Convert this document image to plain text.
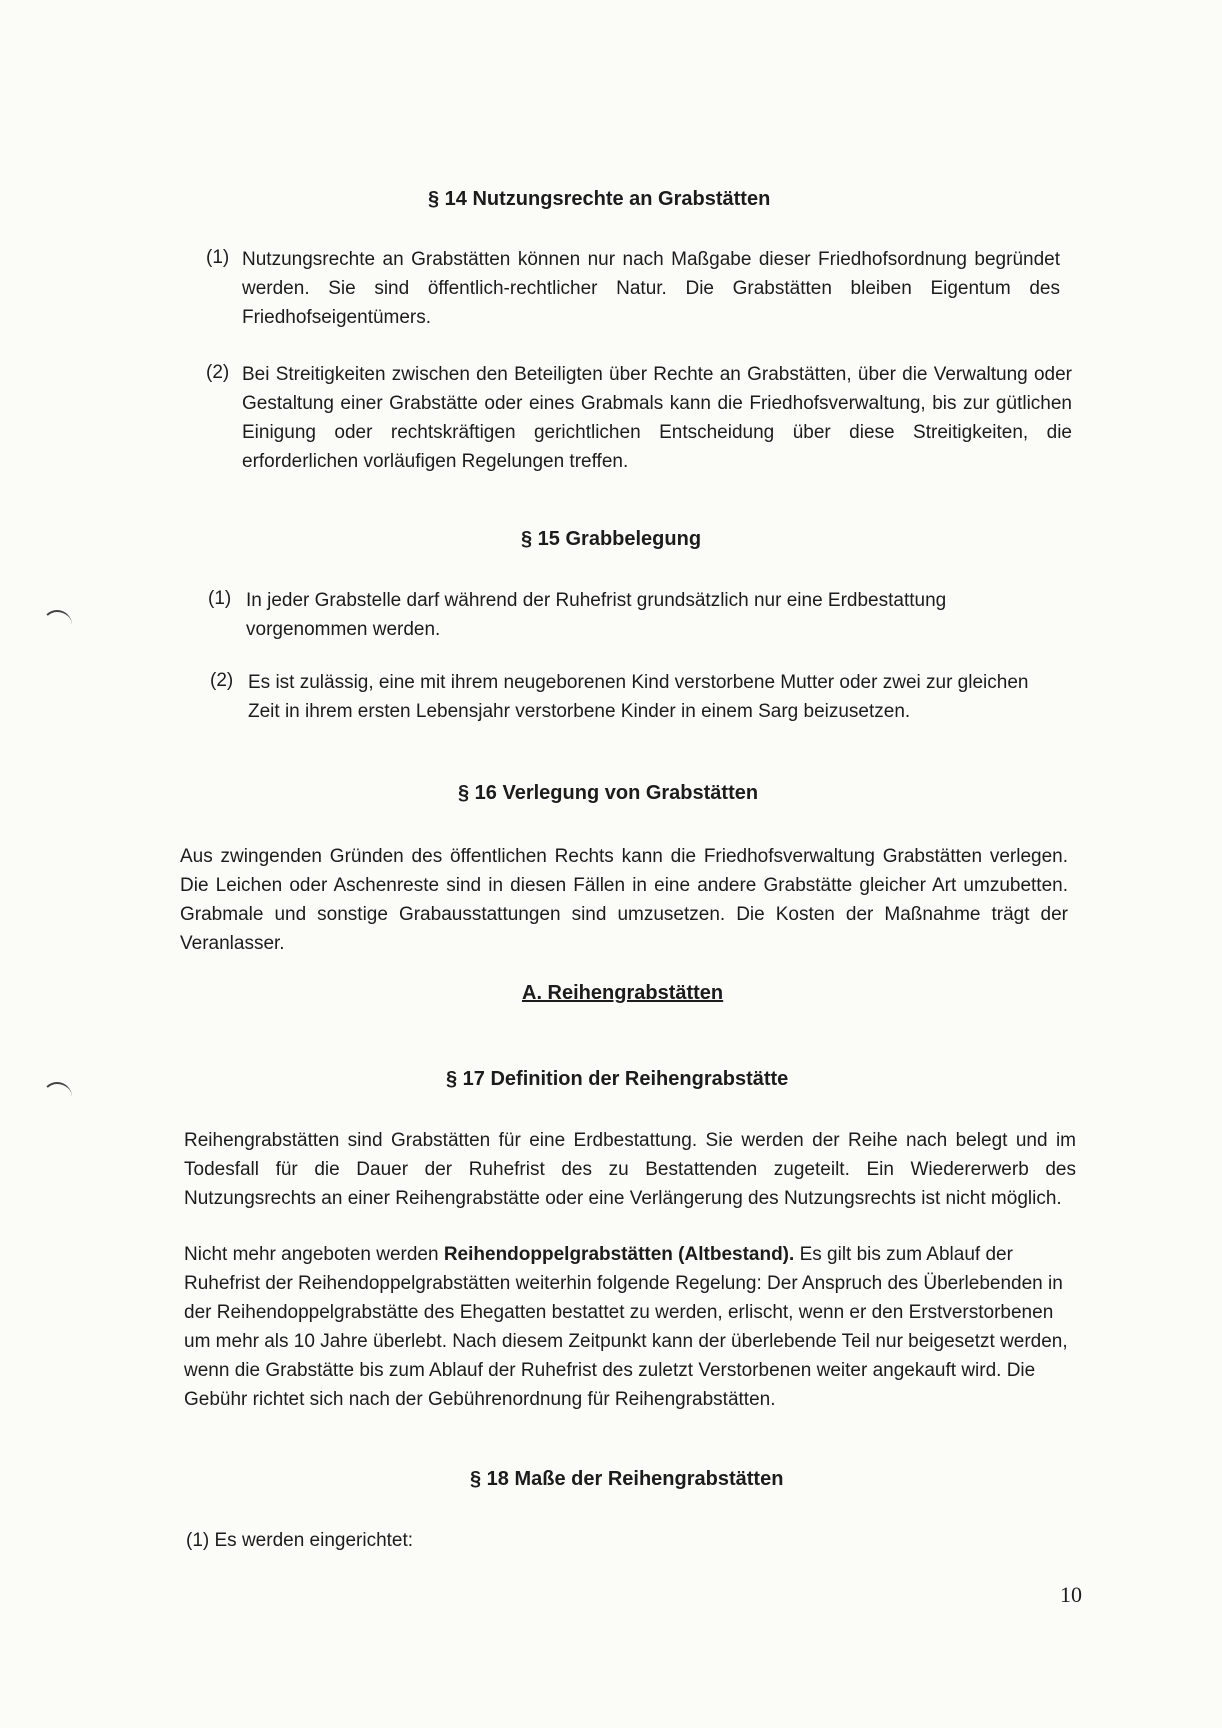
§ 14 Nutzungsrechte an Grabstätten
(1) Nutzungsrechte an Grabstätten können nur nach Maßgabe dieser Friedhofsordnung begründet werden. Sie sind öffentlich-rechtlicher Natur. Die Grabstätten bleiben Eigentum des Friedhofseigentümers.

(2) Bei Streitigkeiten zwischen den Beteiligten über Rechte an Grabstätten, über die Verwaltung oder Gestaltung einer Grabstätte oder eines Grabmals kann die Friedhofsverwaltung, bis zur gütlichen Einigung oder rechtskräftigen gerichtlichen Entscheidung über diese Streitigkeiten, die erforderlichen vorläufigen Regelungen treffen.

§ 15 Grabbelegung
(1) In jeder Grabstelle darf während der Ruhefrist grundsätzlich nur eine Erdbestattung vorgenommen werden.

(2) Es ist zulässig, eine mit ihrem neugeborenen Kind verstorbene Mutter oder zwei zur gleichen Zeit in ihrem ersten Lebensjahr verstorbene Kinder in einem Sarg beizusetzen.

§ 16 Verlegung von Grabstätten

Aus zwingenden Gründen des öffentlichen Rechts kann die Friedhofsverwaltung Grabstätten verlegen. Die Leichen oder Aschenreste sind in diesen Fällen in eine andere Grabstätte gleicher Art umzubetten. Grabmale und sonstige Grabausstattungen sind umzusetzen. Die Kosten der Maßnahme trägt der Veranlasser.

A. Reihengrabstätten
§ 17 Definition der Reihengrabstätte

Reihengrabstätten sind Grabstätten für eine Erdbestattung. Sie werden der Reihe nach belegt und im Todesfall für die Dauer der Ruhefrist des zu Bestattenden zugeteilt. Ein Wiedererwerb des Nutzungsrechts an einer Reihengrabstätte oder eine Verlängerung des Nutzungsrechts ist nicht möglich.

Nicht mehr angeboten werden Reihendoppelgrabstätten (Altbestand). Es gilt bis zum Ablauf der Ruhefrist der Reihendoppelgrabstätten weiterhin folgende Regelung: Der Anspruch des Überlebenden in der Reihendoppelgrabstätte des Ehegatten bestattet zu werden, erlischt, wenn er den Erstverstorbenen um mehr als 10 Jahre überlebt. Nach diesem Zeitpunkt kann der überlebende Teil nur beigesetzt werden, wenn die Grabstätte bis zum Ablauf der Ruhefrist des zuletzt Verstorbenen weiter angekauft wird. Die Gebühr richtet sich nach der Gebührenordnung für Reihengrabstätten.

§ 18 Maße der Reihengrabstätten

(1) Es werden eingerichtet:

10
